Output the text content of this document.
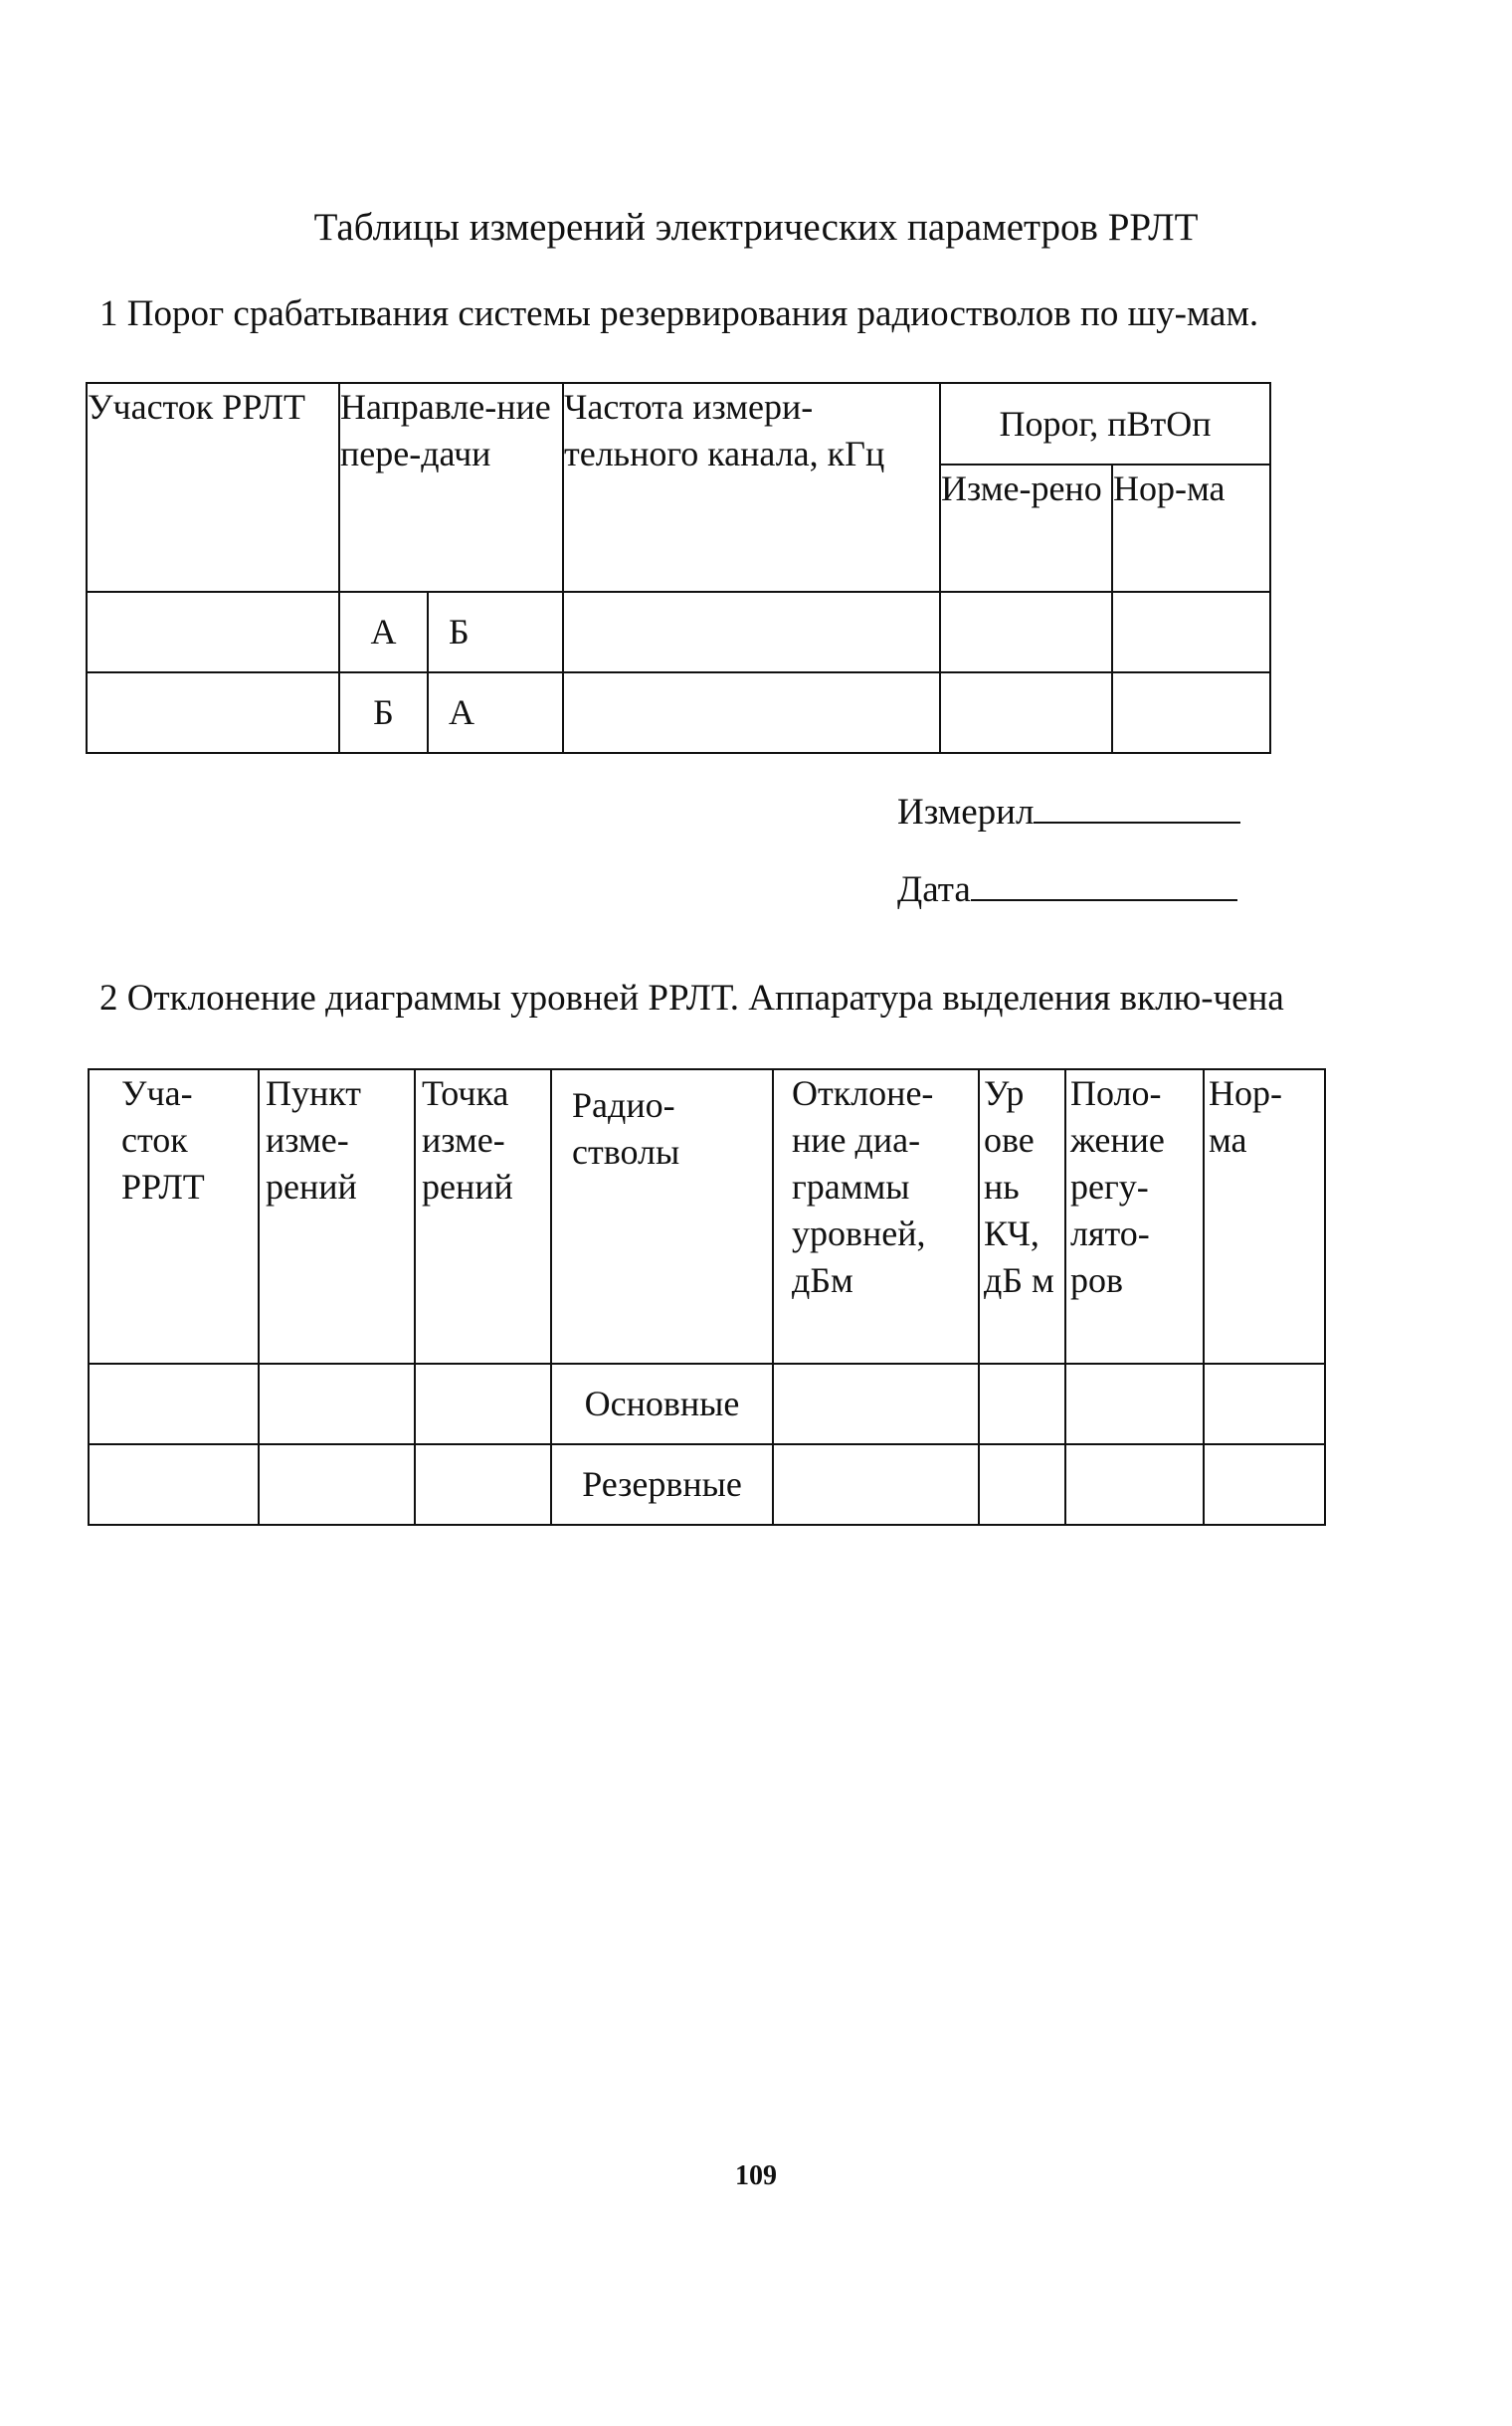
Таблицы измерений электрических параметров РРЛТ
1 Порог срабатывания системы резервирования радиостволов по шу-мам.
Участок РРЛТ	Направле-ние пере-дачи		Частота измери-тельного канала, кГц	Порог, пВтОп	
				Изме-рено	Нор-ма
	А	Б			
	Б	А			
Измерил
Дата
2 Отклонение диаграммы уровней РРЛТ. Аппаратура выделения вклю-чена
Уча-сток РРЛТ	Пункт изме-рений	Точка изме-рений	Радио-стволы	Отклоне-ние диа-граммы уровней, дБм	Ур ове нь КЧ, дБ м	Поло-жение регу-лято-ров	Нор-ма
			Основные				
			Резервные				
109
